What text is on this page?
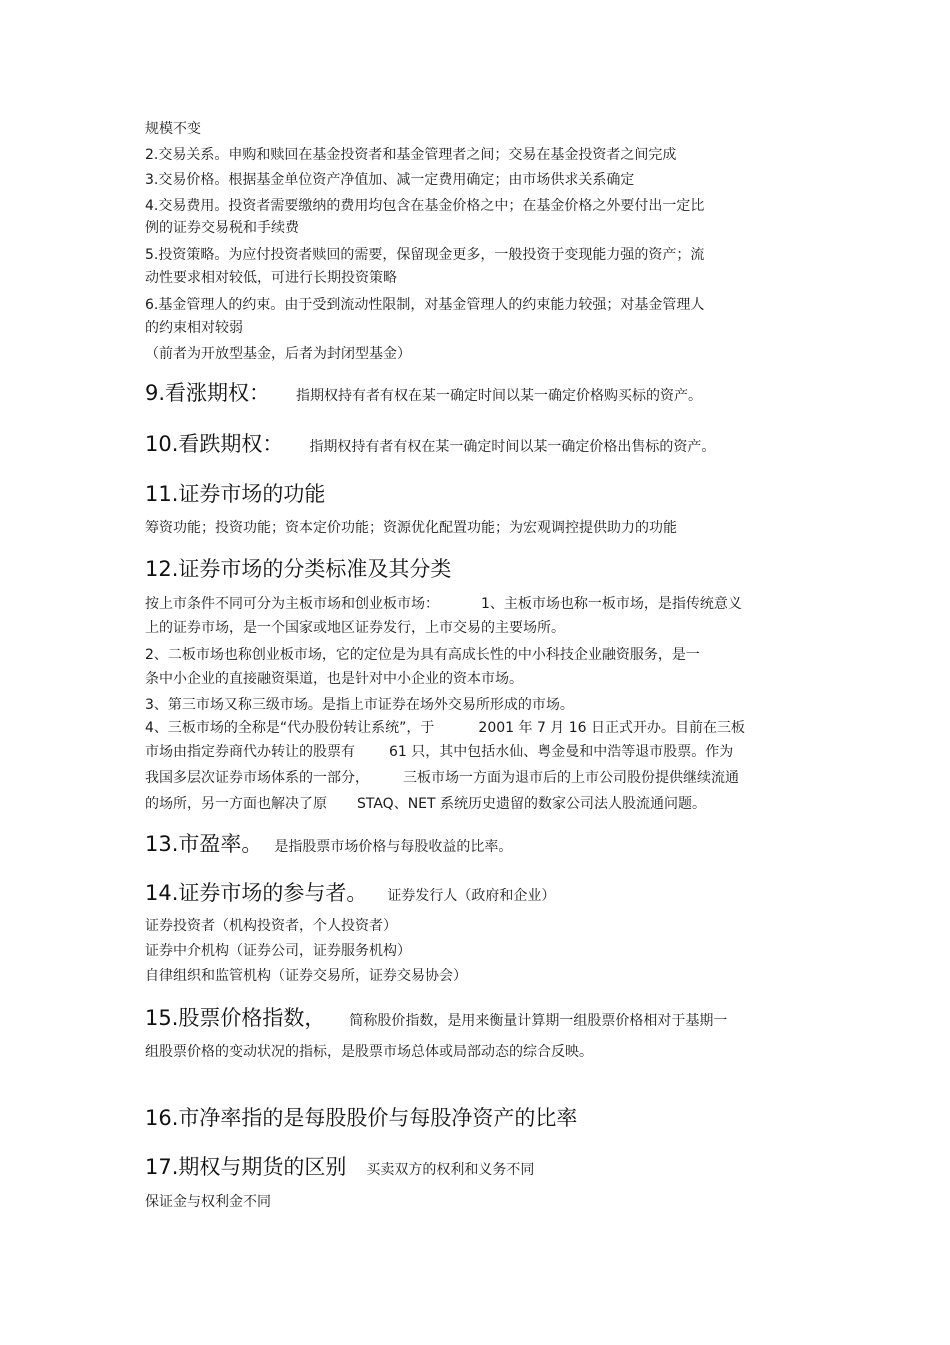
规模不变
2.交易关系。申购和赎回在基金投资者和基金管理者之间；交易在基金投资者之间完成
3.交易价格。根据基金单位资产净值加、减一定费用确定；由市场供求关系确定
4.交易费用。投资者需要缴纳的费用均包含在基金价格之中；在基金价格之外要付出一定比
例的证券交易税和手续费
5.投资策略。为应付投资者赎回的需要，保留现金更多，一般投资于变现能力强的资产；流
动性要求相对较低，可进行长期投资策略
6.基金管理人的约束。由于受到流动性限制，对基金管理人的约束能力较强；对基金管理人
的约束相对较弱
（前者为开放型基金，后者为封闭型基金）
9.看涨期权： 指期权持有者有权在某一确定时间以某一确定价格购买标的资产。
10.看跌期权： 指期权持有者有权在某一确定时间以某一确定价格出售标的资产。
11.证券市场的功能
筹资功能；投资功能；资本定价功能；资源优化配置功能；为宏观调控提供助力的功能
12.证券市场的分类标准及其分类
按上市条件不同可分为主板市场和创业板市场：	1、主板市场也称一板市场，是指传统意义
上的证券市场，是一个国家或地区证券发行，上市交易的主要场所。
2、二板市场也称创业板市场，它的定位是为具有高成长性的中小科技企业融资服务，是一
条中小企业的直接融资渠道，也是针对中小企业的资本市场。
3、第三市场又称三级市场。是指上市证券在场外交易所形成的市场。
4、三板市场的全称是“代办股份转让系统”，于	2001 年 7 月 16 日正式开办。目前在三板
市场由指定券商代办转让的股票有 61 只，其中包括水仙、粤金曼和中浩等退市股票。作为
我国多层次证券市场体系的一部分， 三板市场一方面为退市后的上市公司股份提供继续流通
的场所，另一方面也解决了原 STAQ、NET 系统历史遗留的数家公司法人股流通问题。
13.市盈率。 是指股票市场价格与每股收益的比率。
14.证券市场的参与者。 证券发行人（政府和企业）
证券投资者（机构投资者，个人投资者）
证券中介机构（证券公司，证券服务机构）
自律组织和监管机构（证券交易所，证券交易协会）
15.股票价格指数， 简称股价指数，是用来衡量计算期一组股票价格相对于基期一
组股票价格的变动状况的指标，是股票市场总体或局部动态的综合反映。
16.市净率指的是每股股价与每股净资产的比率
17.期权与期货的区别 买卖双方的权利和义务不同
保证金与权利金不同
